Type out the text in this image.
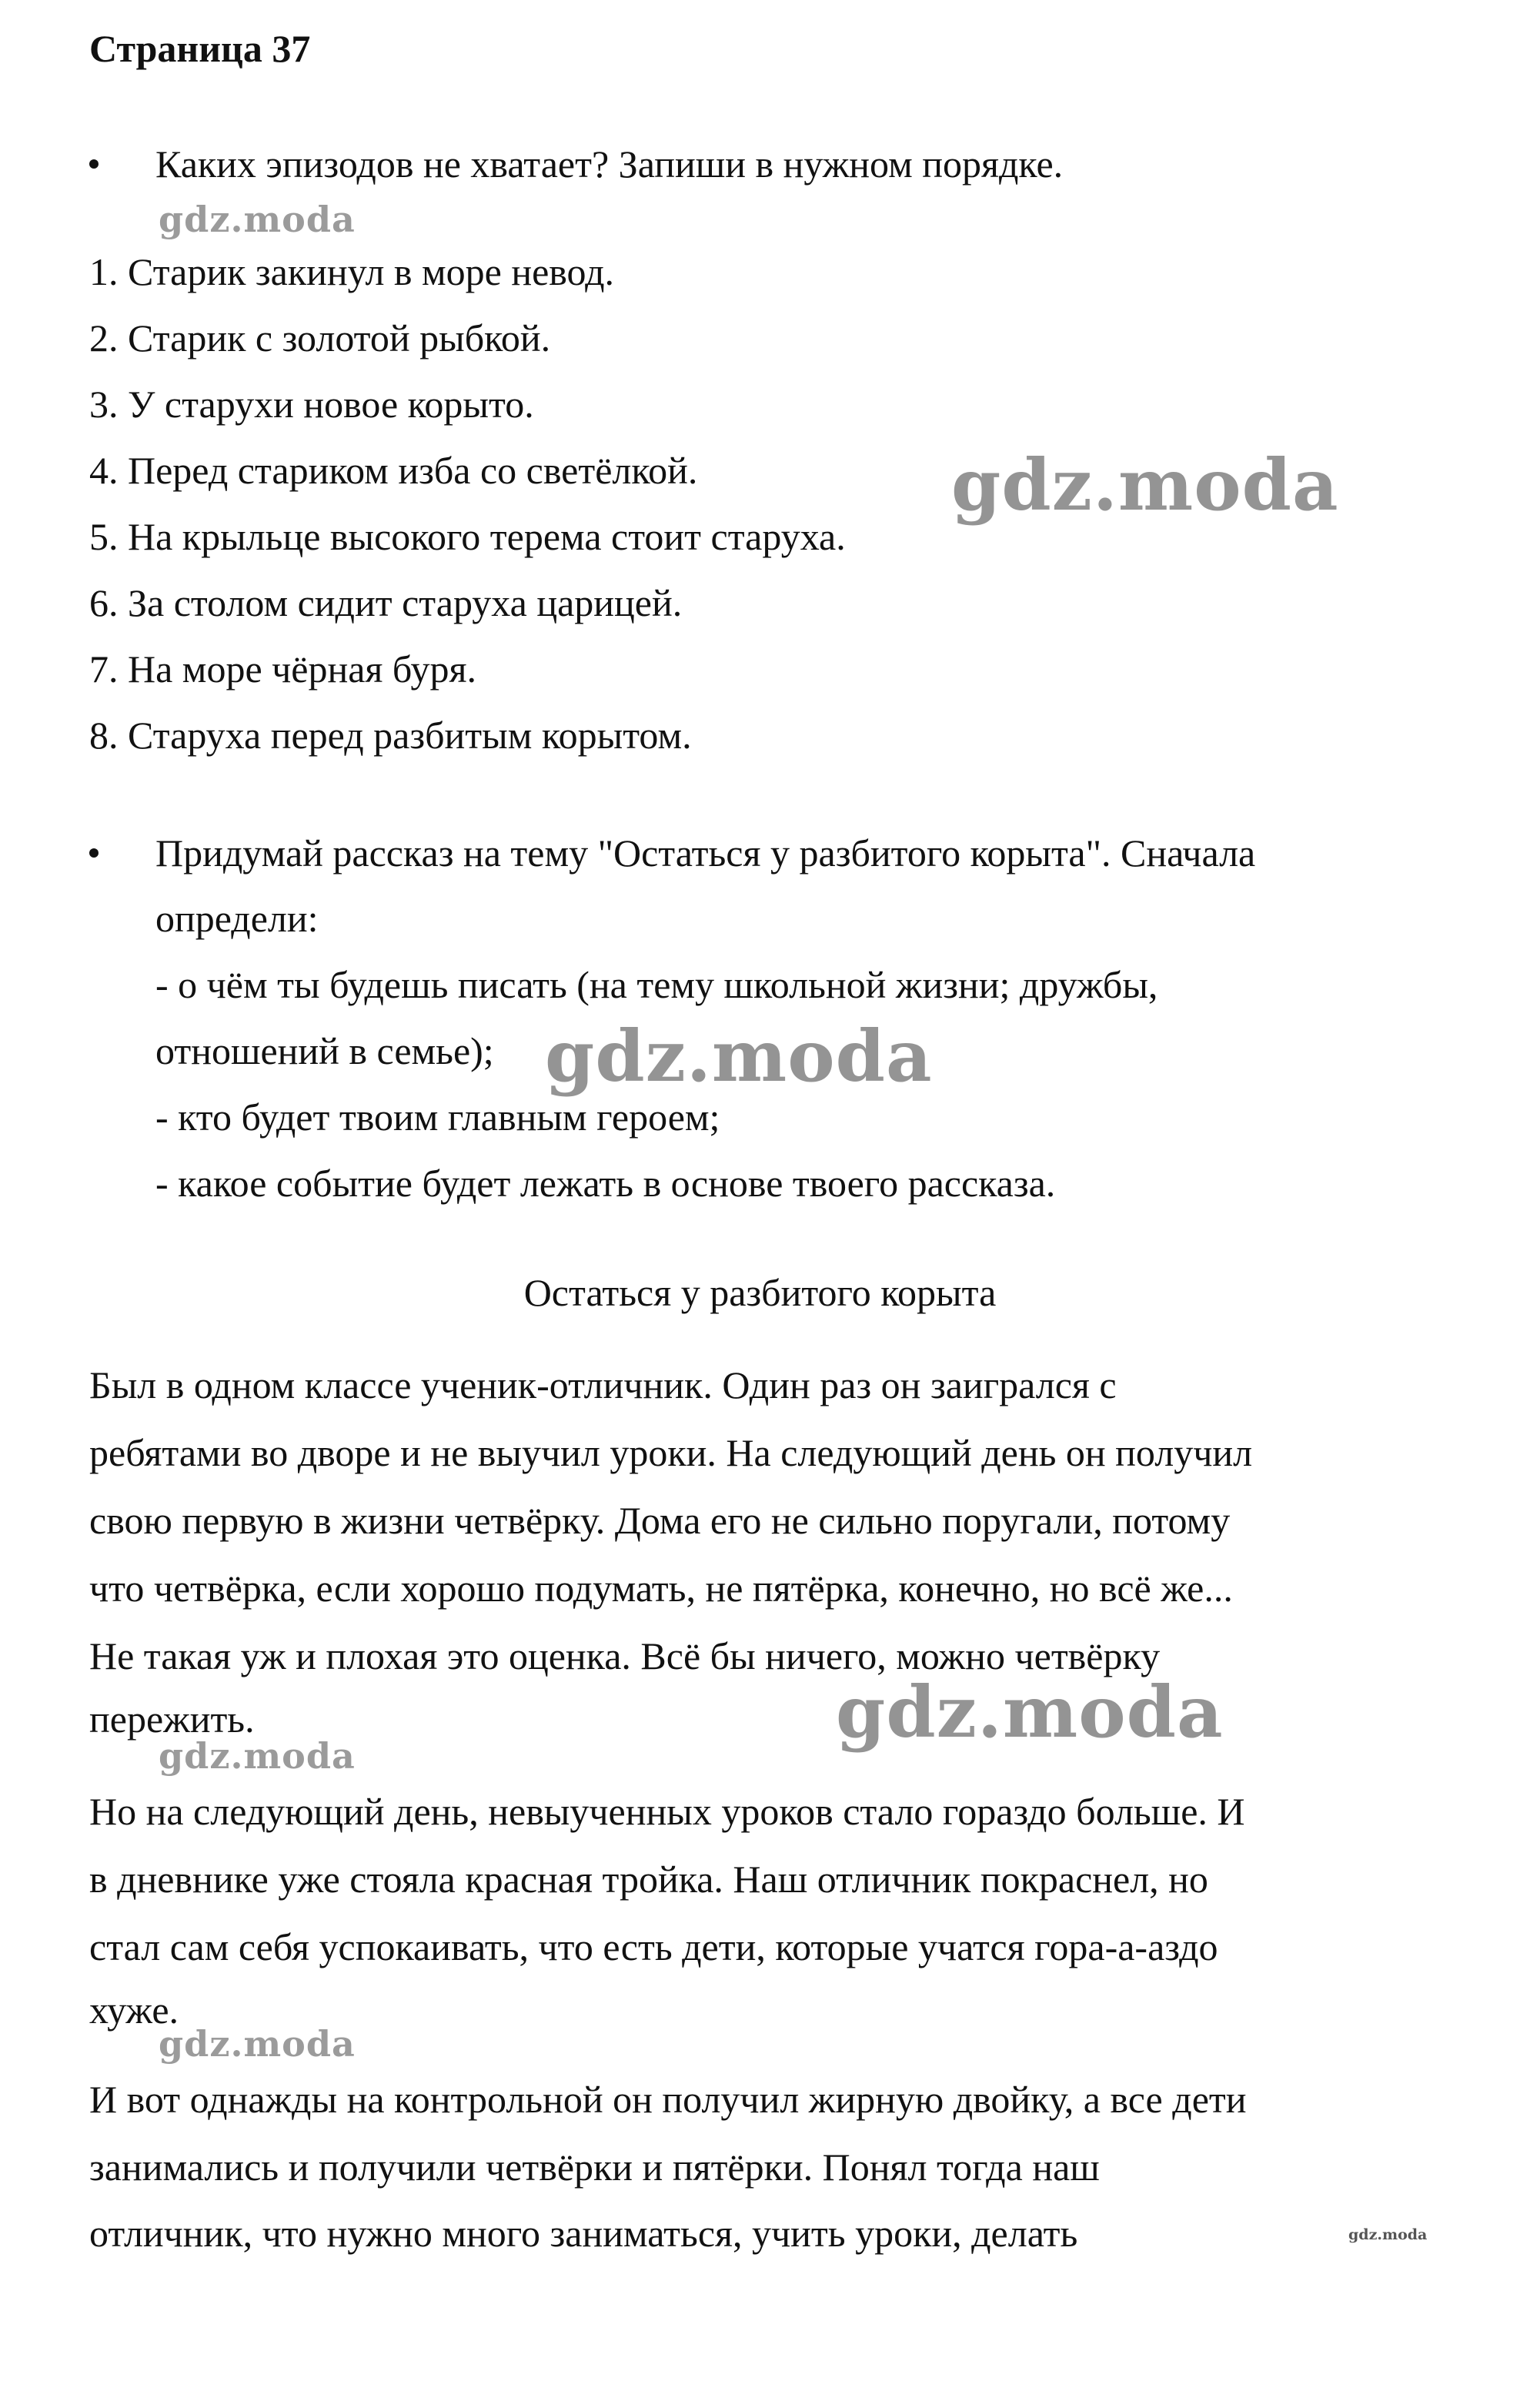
Страница 37
Каких эпизодов не хватает? Запиши в нужном порядке.
1. Старик закинул в море невод.
2. Старик с золотой рыбкой.
3. У старухи новое корыто.
4. Перед стариком изба со светёлкой.
5. На крыльце высокого терема стоит старуха.
6. За столом сидит старуха царицей.
7. На море чёрная буря.
8. Старуха перед разбитым корытом.
Придумай рассказ на тему "Остаться у разбитого корыта". Сначала
определи:
- о чём ты будешь писать (на тему школьной жизни; дружбы,
отношений в семье);
- кто будет твоим главным героем;
- какое событие будет лежать в основе твоего рассказа.
Остаться у разбитого корыта
Был в одном классе ученик-отличник. Один раз он заигрался с
ребятами во дворе и не выучил уроки. На следующий день он получил
свою первую в жизни четвёрку. Дома его не сильно поругали, потому
что четвёрка, если хорошо подумать, не пятёрка, конечно, но всё же...
Не такая уж и плохая это оценка. Всё бы ничего, можно четвёрку
пережить.
Но на следующий день, невыученных уроков стало гораздо больше. И
в дневнике уже стояла красная тройка. Наш отличник покраснел, но
стал сам себя успокаивать, что есть дети, которые учатся гора-а-аздо
хуже.
И вот однажды на контрольной он получил жирную двойку, а все дети
занимались и получили четвёрки и пятёрки. Понял тогда наш
отличник, что нужно много заниматься, учить уроки, делать
gdz.moda
gdz.moda
gdz.moda
gdz.moda
gdz.moda
gdz.moda
gdz.moda
